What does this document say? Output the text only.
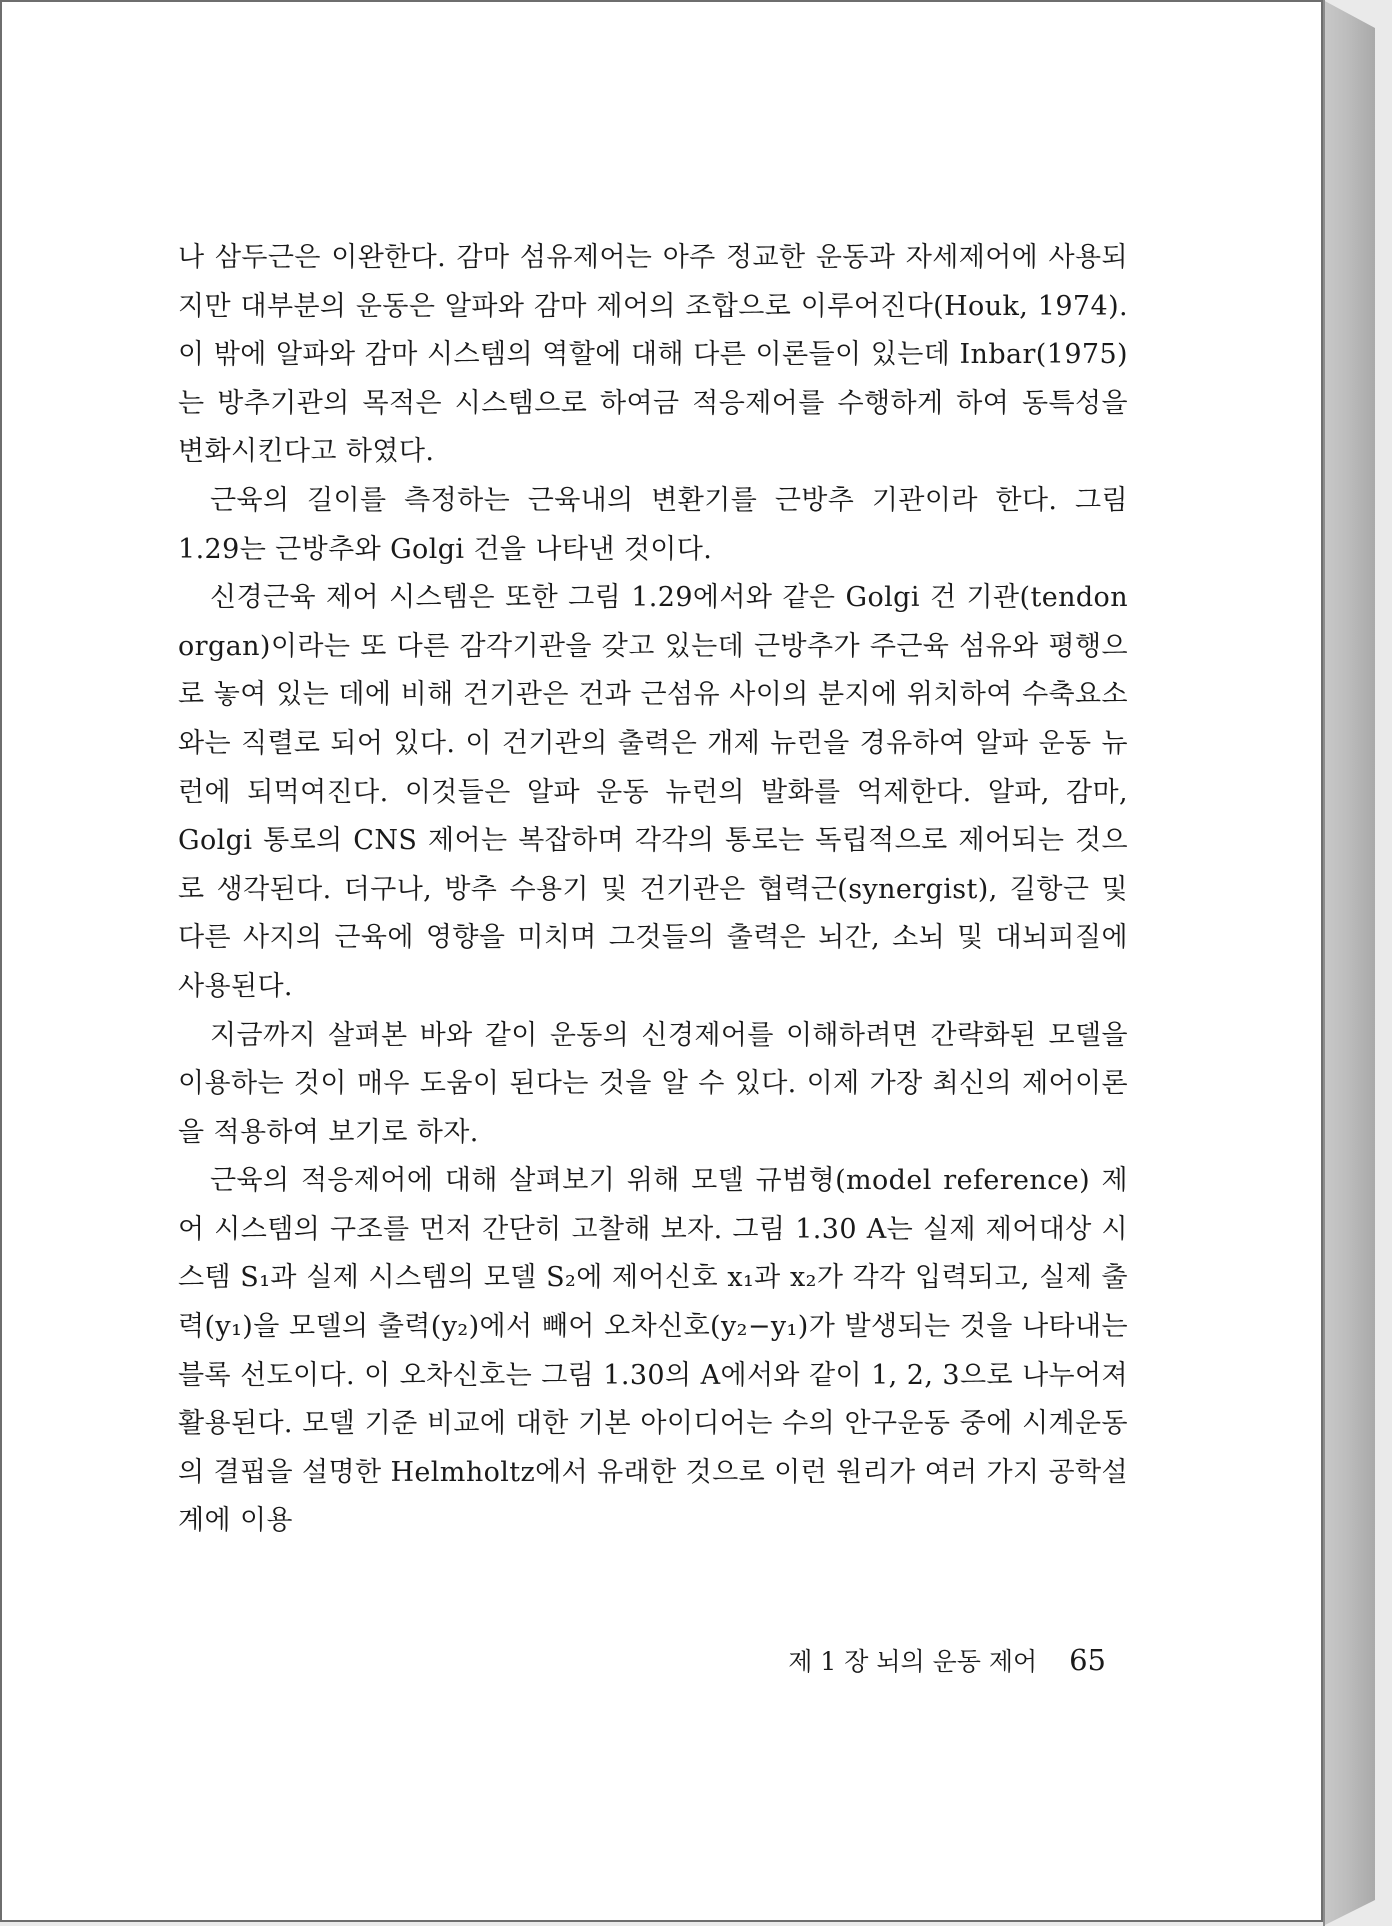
나 삼두근은 이완한다. 감마 섬유제어는 아주 정교한 운동과 자세제어에 사용되지만 대부분의 운동은 알파와 감마 제어의 조합으로 이루어진다(Houk, 1974). 이 밖에 알파와 감마 시스템의 역할에 대해 다른 이론들이 있는데 Inbar(1975)는 방추기관의 목적은 시스템으로 하여금 적응제어를 수행하게 하여 동특성을 변화시킨다고 하였다.

근육의 길이를 측정하는 근육내의 변환기를 근방추 기관이라 한다. 그림 1.29는 근방추와 Golgi 건을 나타낸 것이다.

신경근육 제어 시스템은 또한 그림 1.29에서와 같은 Golgi 건 기관(tendon organ)이라는 또 다른 감각기관을 갖고 있는데 근방추가 주근육 섬유와 평행으로 놓여 있는 데에 비해 건기관은 건과 근섬유 사이의 분지에 위치하여 수축요소와는 직렬로 되어 있다. 이 건기관의 출력은 개제 뉴런을 경유하여 알파 운동 뉴런에 되먹여진다. 이것들은 알파 운동 뉴런의 발화를 억제한다. 알파, 감마, Golgi 통로의 CNS 제어는 복잡하며 각각의 통로는 독립적으로 제어되는 것으로 생각된다. 더구나, 방추 수용기 및 건기관은 협력근(synergist), 길항근 및 다른 사지의 근육에 영향을 미치며 그것들의 출력은 뇌간, 소뇌 및 대뇌피질에 사용된다.

지금까지 살펴본 바와 같이 운동의 신경제어를 이해하려면 간략화된 모델을 이용하는 것이 매우 도움이 된다는 것을 알 수 있다. 이제 가장 최신의 제어이론을 적용하여 보기로 하자.

근육의 적응제어에 대해 살펴보기 위해 모델 규범형(model reference) 제어 시스템의 구조를 먼저 간단히 고찰해 보자. 그림 1.30 A는 실제 제어대상 시스템 S₁과 실제 시스템의 모델 S₂에 제어신호 x₁과 x₂가 각각 입력되고, 실제 출력(y₁)을 모델의 출력(y₂)에서 빼어 오차신호(y₂−y₁)가 발생되는 것을 나타내는 블록 선도이다. 이 오차신호는 그림 1.30의 A에서와 같이 1, 2, 3으로 나누어져 활용된다. 모델 기준 비교에 대한 기본 아이디어는 수의 안구운동 중에 시계운동의 결핍을 설명한 Helmholtz에서 유래한 것으로 이런 원리가 여러 가지 공학설계에 이용

제 1 장 뇌의 운동 제어 65
